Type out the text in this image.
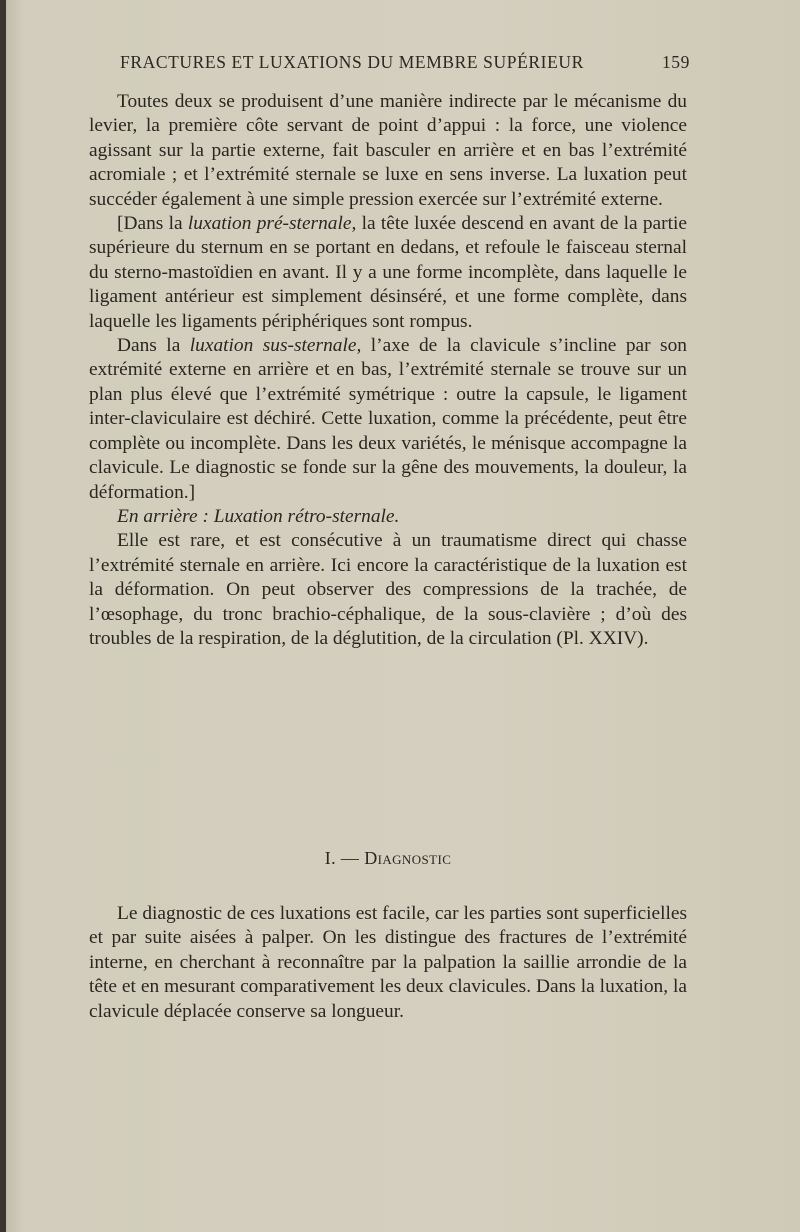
FRACTURES ET LUXATIONS DU MEMBRE SUPÉRIEUR	159

Toutes deux se produisent d’une manière indirecte par le mécanisme du levier, la première côte servant de point d’appui : la force, une violence agissant sur la partie externe, fait basculer en arrière et en bas l’extrémité acromiale ; et l’extrémité sternale se luxe en sens inverse. La luxation peut succéder également à une simple pression exercée sur l’extrémité externe.

[Dans la luxation pré-sternale, la tête luxée descend en avant de la partie supérieure du sternum en se portant en dedans, et refoule le faisceau sternal du sterno-mastoïdien en avant. Il y a une forme incomplète, dans laquelle le ligament antérieur est simplement désinséré, et une forme complète, dans laquelle les ligaments périphériques sont rompus.

Dans la luxation sus-sternale, l’axe de la clavicule s’incline par son extrémité externe en arrière et en bas, l’extrémité sternale se trouve sur un plan plus élevé que l’extrémité symétrique : outre la capsule, le ligament inter-claviculaire est déchiré. Cette luxation, comme la précédente, peut être complète ou incomplète. Dans les deux variétés, le ménisque accompagne la clavicule. Le diagnostic se fonde sur la gêne des mouvements, la douleur, la déformation.]

En arrière : Luxation rétro-sternale.

Elle est rare, et est consécutive à un traumatisme direct qui chasse l’extrémité sternale en arrière. Ici encore la caractéristique de la luxation est la déformation. On peut observer des compressions de la trachée, de l’œsophage, du tronc brachio-céphalique, de la sous-clavière ; d’où des troubles de la respiration, de la déglutition, de la circulation (Pl. XXIV).

I. — Diagnostic

Le diagnostic de ces luxations est facile, car les parties sont superficielles et par suite aisées à palper. On les distingue des fractures de l’extrémité interne, en cherchant à reconnaître par la palpation la saillie arrondie de la tête et en mesurant comparativement les deux clavicules. Dans la luxation, la clavicule déplacée conserve sa longueur.
